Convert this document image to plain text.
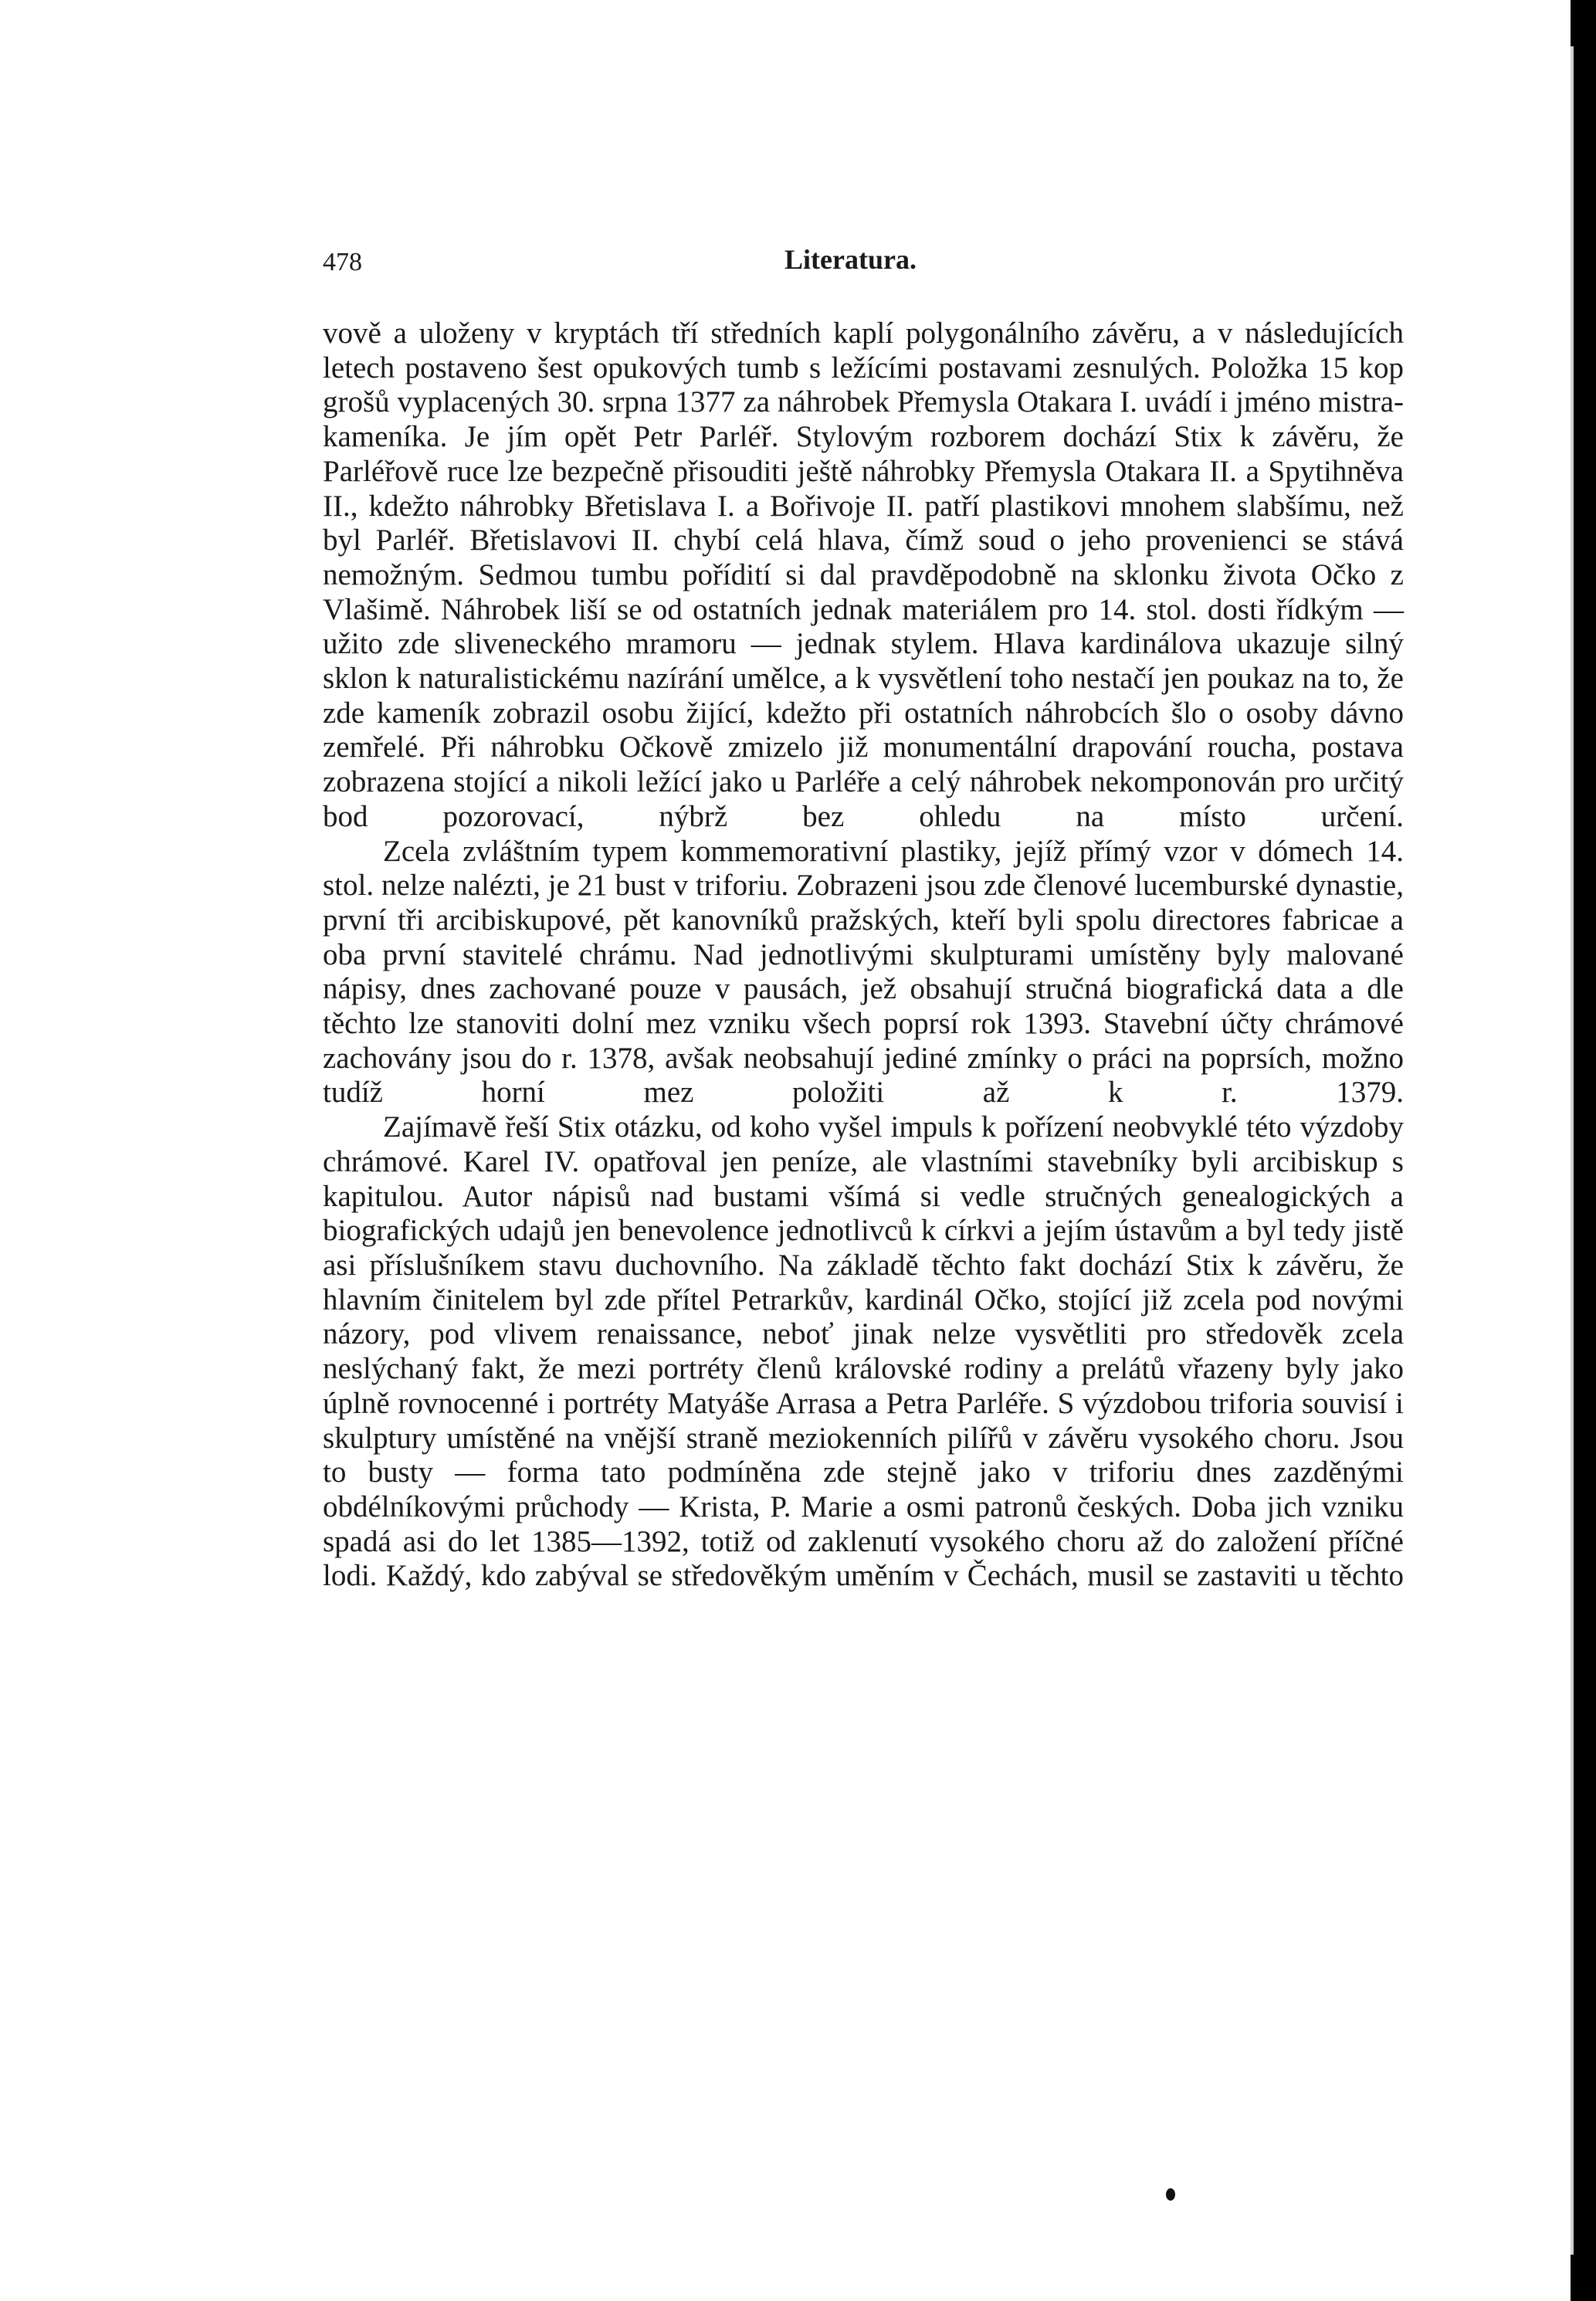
478	Literatura.

vově a uloženy v kryptách tří středních kaplí polygonálního závěru, a v následujících letech postaveno šest opukových tumb s ležícími postavami zesnulých. Položka 15 kop grošů vyplacených 30. srpna 1377 za náhrobek Přemysla Otakara I. uvádí i jméno mistra-kameníka. Je jím opět Petr Parléř. Stylovým rozborem dochází Stix k závěru, že Parléřově ruce lze bezpečně přisouditi ještě náhrobky Přemysla Otakara II. a Spytihněva II., kdežto náhrobky Břetislava I. a Bořivoje II. patří plastikovi mnohem slabšímu, než byl Parléř. Břetislavovi II. chybí celá hlava, čímž soud o jeho provenienci se stává nemožným. Sedmou tumbu pořídití si dal pravděpodobně na sklonku života Očko z Vlašimě. Náhrobek liší se od ostatních jednak materiálem pro 14. stol. dosti řídkým — užito zde sliveneckého mramoru — jednak stylem. Hlava kardinálova ukazuje silný sklon k naturalistickému nazírání umělce, a k vysvětlení toho nestačí jen poukaz na to, že zde kameník zobrazil osobu žijící, kdežto při ostatních náhrobcích šlo o osoby dávno zemřelé. Při náhrobku Očkově zmizelo již monumentální drapování roucha, postava zobrazena stojící a nikoli ležící jako u Parléře a celý náhrobek nekomponován pro určitý bod pozorovací, nýbrž bez ohledu na místo určení.

Zcela zvláštním typem kommemorativní plastiky, jejíž přímý vzor v dómech 14. stol. nelze nalézti, je 21 bust v triforiu. Zobrazeni jsou zde členové lucemburské dynastie, první tři arcibiskupové, pět kanovníků pražských, kteří byli spolu directores fabricae a oba první stavitelé chrámu. Nad jednotlivými skulpturami umístěny byly malované nápisy, dnes zachované pouze v pausách, jež obsahují stručná biografická data a dle těchto lze stanoviti dolní mez vzniku všech poprsí rok 1393. Stavební účty chrámové zachovány jsou do r. 1378, avšak neobsahují jediné zmínky o práci na poprsích, možno tudíž horní mez položiti až k r. 1379.

Zajímavě řeší Stix otázku, od koho vyšel impuls k pořízení neobvyklé této výzdoby chrámové. Karel IV. opatřoval jen peníze, ale vlastními stavebníky byli arcibiskup s kapitulou. Autor nápisů nad bustami všímá si vedle stručných genealogických a biografických udajů jen benevolence jednotlivců k církvi a jejím ústavům a byl tedy jistě asi příslušníkem stavu duchovního. Na základě těchto fakt dochází Stix k závěru, že hlavním činitelem byl zde přítel Petrarkův, kardinál Očko, stojící již zcela pod novými názory, pod vlivem renaissance, neboť jinak nelze vysvětliti pro středověk zcela neslýchaný fakt, že mezi portréty členů královské rodiny a prelátů vřazeny byly jako úplně rovnocenné i portréty Matyáše Arrasa a Petra Parléře. S výzdobou triforia souvisí i skulptury umístěné na vnější straně meziokenních pilířů v závěru vysokého choru. Jsou to busty — forma tato podmíněna zde stejně jako v triforiu dnes zazděnými obdélníkovými průchody — Krista, P. Marie a osmi patronů českých. Doba jich vzniku spadá asi do let 1385—1392, totiž od zaklenutí vysokého choru až do založení příčné lodi. Každý, kdo zabýval se středověkým uměním v Čechách, musil se zastaviti u těchto
